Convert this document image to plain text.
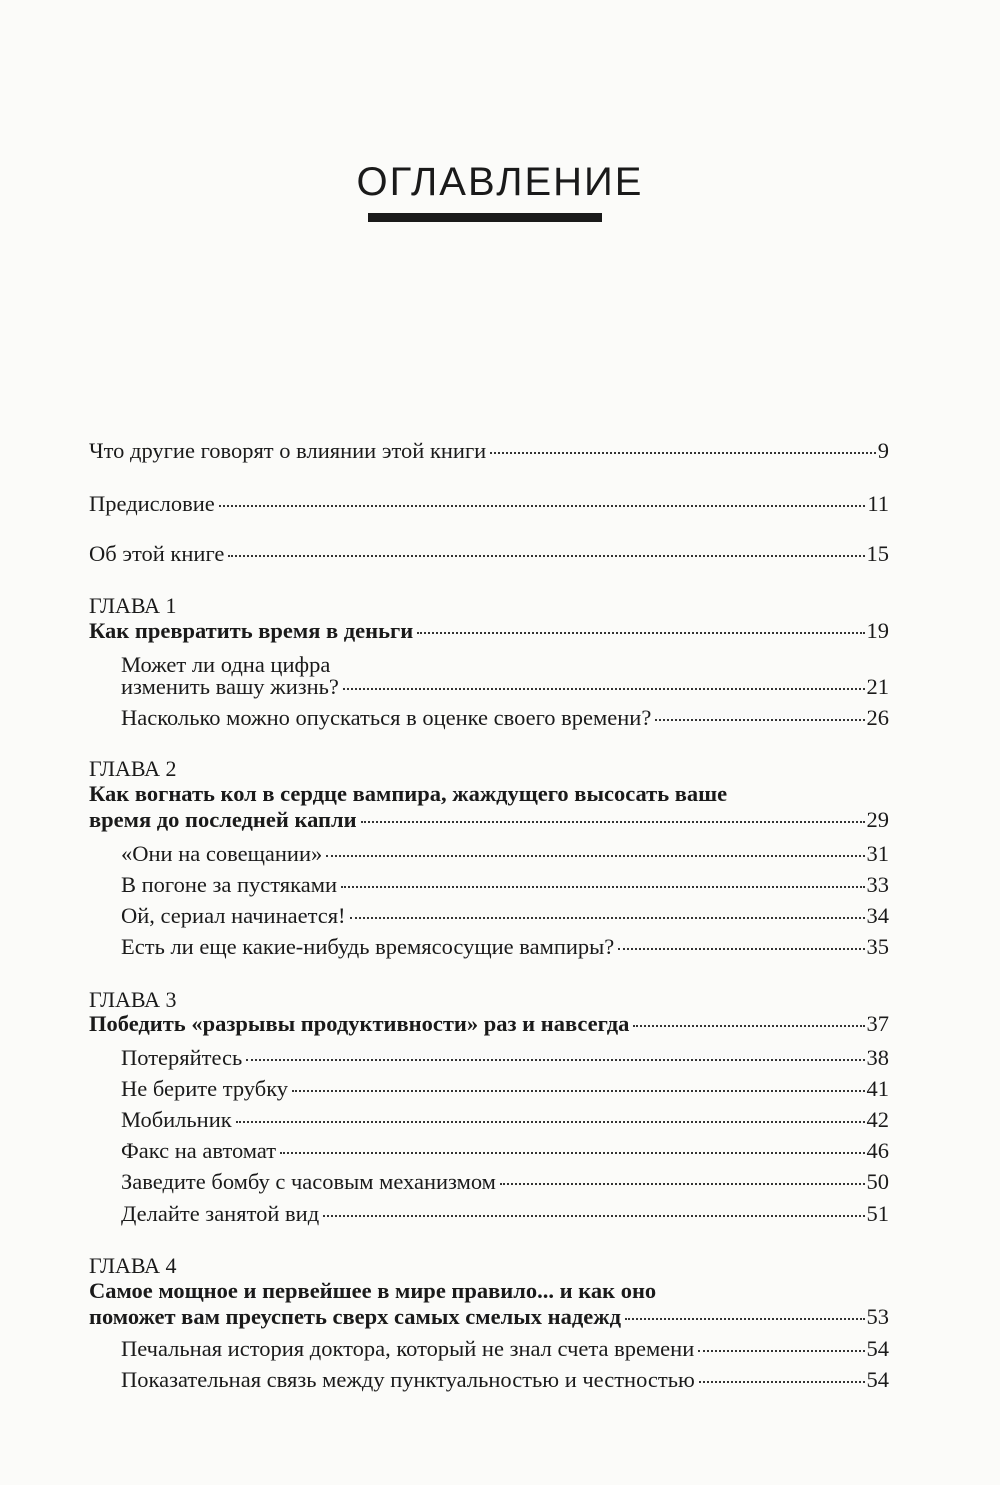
ОГЛАВЛЕНИЕ
Что другие говорят о влиянии этой книги	9
Предисловие	11
Об этой книге	15
ГЛАВА 1
Как превратить время в деньги	19
Может ли одна цифра
изменить вашу жизнь?	21
Насколько можно опускаться в оценке своего времени?	26
ГЛАВА 2
Как вогнать кол в сердце вампира, жаждущего высосать ваше
время до последней капли	29
«Они на совещании»	31
В погоне за пустяками	33
Ой, сериал начинается!	34
Есть ли еще какие-нибудь времясосущие вампиры?	35
ГЛАВА 3
Победить «разрывы продуктивности» раз и навсегда	37
Потеряйтесь	38
Не берите трубку	41
Мобильник	42
Факс на автомат	46
Заведите бомбу с часовым механизмом	50
Делайте занятой вид	51
ГЛАВА 4
Самое мощное и первейшее в мире правило... и как оно
поможет вам преуспеть сверх самых смелых надежд	53
Печальная история доктора, который не знал счета времени	54
Показательная связь между пунктуальностью и честностью	54
